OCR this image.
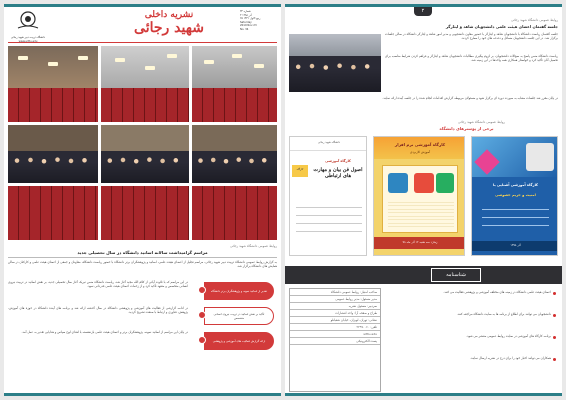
دانشگاه تربیت دبیر شهید رجائی
نشریه داخلی
شهید رجائی
شماره ۳۴
۳ آذر ۱۳۹۸
۲۵ ربیع الاول ۱۴۴۱
Saturday
2019 Nov 23
No. 34
روابط عمومی دانشگاه شهید رجائی
مراسم گرامیداشت سالانه اساتید دانشگاه در سال تحصیلی جدید
به گزارش روابط عمومی دانشگاه تربیت دبیر شهید رجائی، مراسم تجلیل از اعضای هیئت علمی، اساتید و پژوهشگران برتر دانشگاه با حضور ریاست دانشگاه، معاونان و جمعی از اعضای هیئت علمی و کارکنان در سالن همایش های دانشگاه برگزار شد.
در این مراسم که با تلاوت آیاتی از کلام الله مجید آغاز شد، ریاست دانشگاه ضمن تبریک آغاز سال تحصیلی جدید، بر نقش اساتید در تربیت نیروی انسانی متخصص و متعهد تأکید کرد و از زحمات اعضای هیئت علمی قدردانی نمود.
در ادامه گزارشی از فعالیت های آموزشی و پژوهشی دانشگاه در سال گذشته ارائه شد و برنامه های آینده دانشگاه در حوزه های آموزش، پژوهش، فناوری و ارتباط با صنعت تشریح گردید.
در پایان این مراسم از اساتید نمونه، پژوهشگران برتر و اعضای هیئت علمی بازنشسته با اهدای لوح سپاس و هدایایی تقدیر به عمل آمد.
تقدیر از اساتید نمونه و پژوهشگران برتر دانشگاه
تأکید بر نقش اساتید در تربیت نیروی انسانی متخصص
ارائه گزارش فعالیت های آموزشی و پژوهشی
۲
روابط عمومی دانشگاه شهید رجائی
جلسه گفتمان اعضای هیئت علمی دانشجویان شاهد و ایثارگر
جلسه گفتمان ریاست دانشگاه با دانشجویان شاهد و ایثارگر با حضور معاون دانشجویی و مدیر امور شاهد و ایثارگر دانشگاه در سالن جلسات برگزار شد. در این جلسه دانشجویان مسائل و دغدغه های خود را مطرح کردند.
ریاست دانشگاه ضمن پاسخ به سؤالات دانشجویان، بر لزوم پیگیری مطالبات دانشجویان شاهد و ایثارگر و فراهم کردن شرایط مناسب برای تحصیل آنان تأکید کرد و خواستار همکاری همه واحدها در این زمینه شد.
در پایان مقرر شد جلسات مشابه به صورت دوره ای برگزار شود و مسئولان مربوطه گزارش اقدامات انجام شده را در جلسه آینده ارائه نمایند.
روابط عمومی دانشگاه شهید رجائی
برخی از پوسترهای دانشگاه
دانشگاه شهید رجائی
کارگاه
کارگاه آموزشی
اصول فن بیان و مهارت های ارتباطی
کارگاه آموزشی نرم افزار
آموزش کاربردی
زمان: سه شنبه ۱۲ آذر ماه ۹۸
کارگاه آموزشی آشنایی با
امنیت و حریم خصوصی
آذر ۱۳۹۸
شناسنامه
صاحب امتیاز: روابط عمومی دانشگاه
مدیر مسئول: مدیر روابط عمومی
سردبیر: مسئول نشریه
طراح و صفحه آرا: واحد انتشارات
نشانی: تهران، لویزان، خیابان شعبانلو
تلفن: ۲۲۹۷۰۰۶۰
srttu.edu
پست الکترونیکی
اعضای هیئت علمی دانشگاه در زمینه های مختلف آموزشی و پژوهشی فعالیت می کنند.
دانشجویان می توانند برای اطلاع از برنامه ها به سایت دانشگاه مراجعه کنند.
برنامه کارگاه های آموزشی در سایت روابط عمومی منتشر می شود.
همکاران می توانند اخبار خود را برای درج در نشریه ارسال نمایند.
